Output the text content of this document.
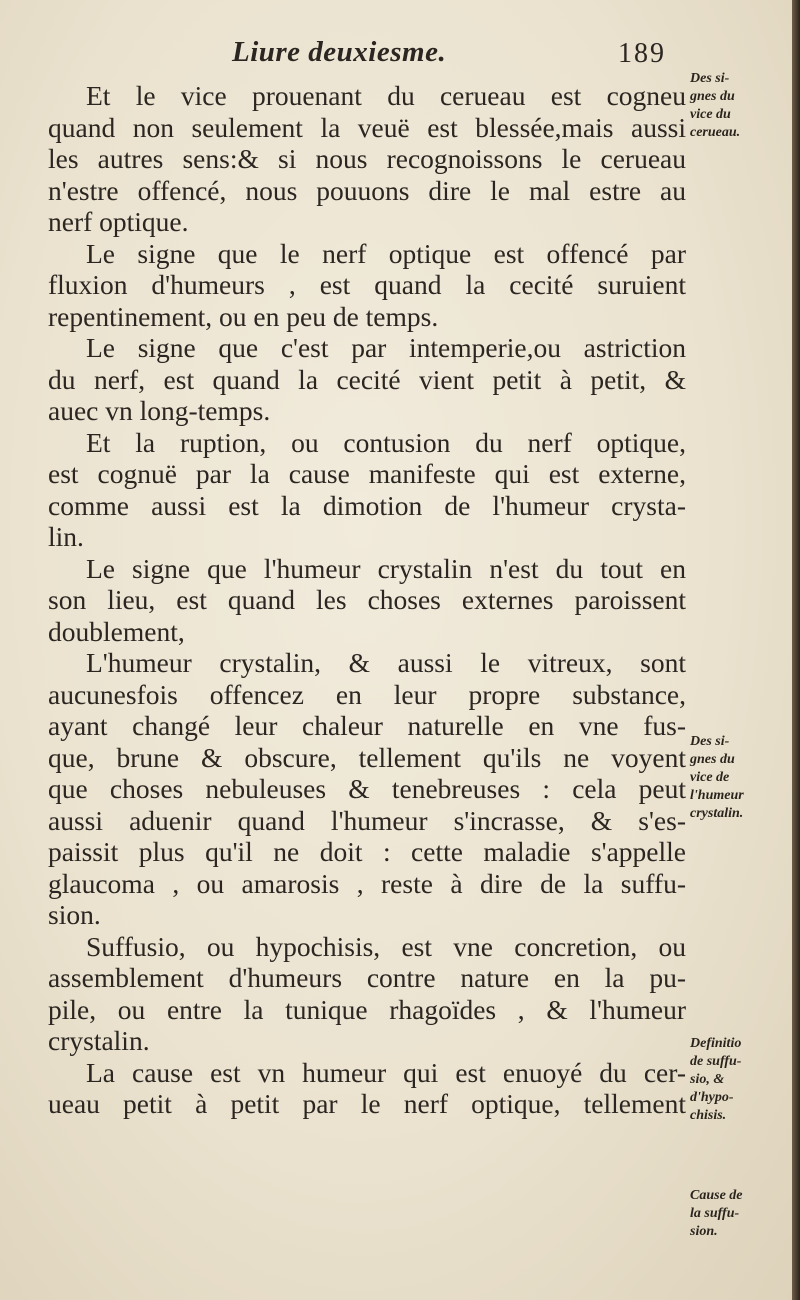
Liure deuxiesme.	189
Et le vice prouenant du cerueau est cogneu
quand non seulement la veuë est blessée,mais aussi
les autres sens:& si nous recognoissons le cerueau
n'estre offencé, nous pouuons dire le mal estre au
nerf optique.
Le signe que le nerf optique est offencé par
fluxion d'humeurs , est quand la cecité suruient
repentinement, ou en peu de temps.
Le signe que c'est par intemperie,ou astriction
du nerf, est quand la cecité vient petit à petit, &
auec vn long-temps.
Et la ruption, ou contusion du nerf optique,
est cognuë par la cause manifeste qui est externe,
comme aussi est la dimotion de l'humeur crysta-
lin.
Le signe que l'humeur crystalin n'est du tout en
son lieu, est quand les choses externes paroissent
doublement,
L'humeur crystalin, & aussi le vitreux, sont
aucunesfois offencez en leur propre substance,
ayant changé leur chaleur naturelle en vne fus-
que, brune & obscure, tellement qu'ils ne voyent
que choses nebuleuses & tenebreuses : cela peut
aussi aduenir quand l'humeur s'incrasse, & s'es-
paissit plus qu'il ne doit : cette maladie s'appelle
glaucoma , ou amarosis , reste à dire de la suffu-
sion.
Suffusio, ou hypochisis, est vne concretion, ou
assemblement d'humeurs contre nature en la pu-
pile, ou entre la tunique rhagoïdes , & l'humeur
crystalin.
La cause est vn humeur qui est enuoyé du cer-
ueau petit à petit par le nerf optique, tellement
Des si-
gnes du
vice du
cerueau.
Des si-
gnes du
vice de
l'humeur
crystalin.
Definitio
de suffu-
sio, &
d'hypo-
chisis.
Cause de
la suffu-
sion.
